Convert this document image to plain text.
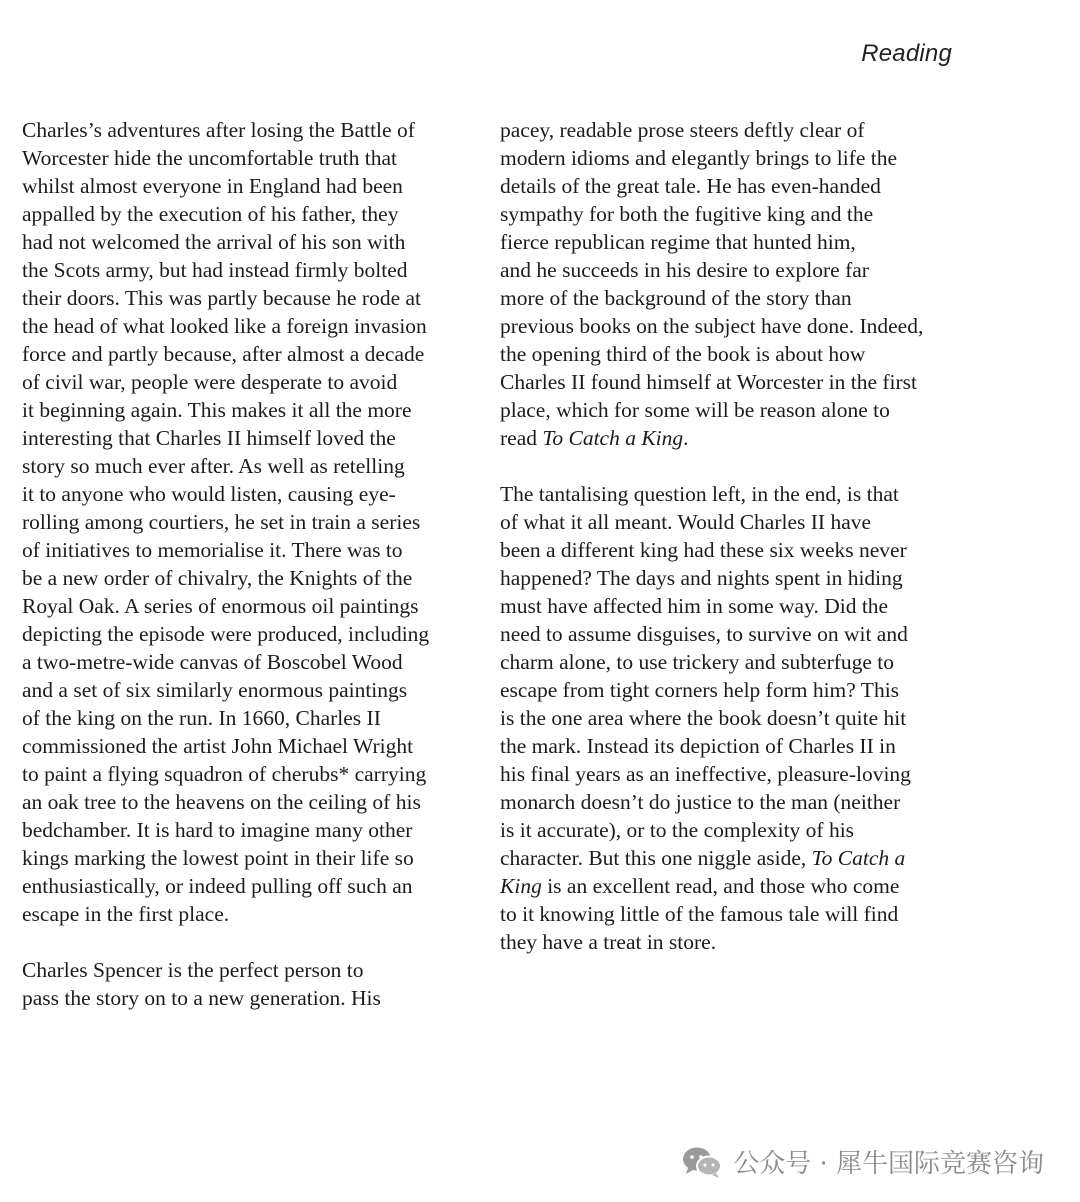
Reading
Charles’s adventures after losing the Battle of
Worcester hide the uncomfortable truth that
whilst almost everyone in England had been
appalled by the execution of his father, they
had not welcomed the arrival of his son with
the Scots army, but had instead firmly bolted
their doors. This was partly because he rode at
the head of what looked like a foreign invasion
force and partly because, after almost a decade
of civil war, people were desperate to avoid
it beginning again. This makes it all the more
interesting that Charles II himself loved the
story so much ever after. As well as retelling
it to anyone who would listen, causing eye-
rolling among courtiers, he set in train a series
of initiatives to memorialise it. There was to
be a new order of chivalry, the Knights of the
Royal Oak. A series of enormous oil paintings
depicting the episode were produced, including
a two-metre-wide canvas of Boscobel Wood
and a set of six similarly enormous paintings
of the king on the run. In 1660, Charles II
commissioned the artist John Michael Wright
to paint a flying squadron of cherubs* carrying
an oak tree to the heavens on the ceiling of his
bedchamber. It is hard to imagine many other
kings marking the lowest point in their life so
enthusiastically, or indeed pulling off such an
escape in the first place.
Charles Spencer is the perfect person to
pass the story on to a new generation. His
pacey, readable prose steers deftly clear of
modern idioms and elegantly brings to life the
details of the great tale. He has even-handed
sympathy for both the fugitive king and the
fierce republican regime that hunted him,
and he succeeds in his desire to explore far
more of the background of the story than
previous books on the subject have done. Indeed,
the opening third of the book is about how
Charles II found himself at Worcester in the first
place, which for some will be reason alone to
read To Catch a King.
The tantalising question left, in the end, is that
of what it all meant. Would Charles II have
been a different king had these six weeks never
happened? The days and nights spent in hiding
must have affected him in some way. Did the
need to assume disguises, to survive on wit and
charm alone, to use trickery and subterfuge to
escape from tight corners help form him? This
is the one area where the book doesn’t quite hit
the mark. Instead its depiction of Charles II in
his final years as an ineffective, pleasure-loving
monarch doesn’t do justice to the man (neither
is it accurate), or to the complexity of his
character. But this one niggle aside, To Catch a
King is an excellent read, and those who come
to it knowing little of the famous tale will find
they have a treat in store.
公众号 · 犀牛国际竞赛咨询
